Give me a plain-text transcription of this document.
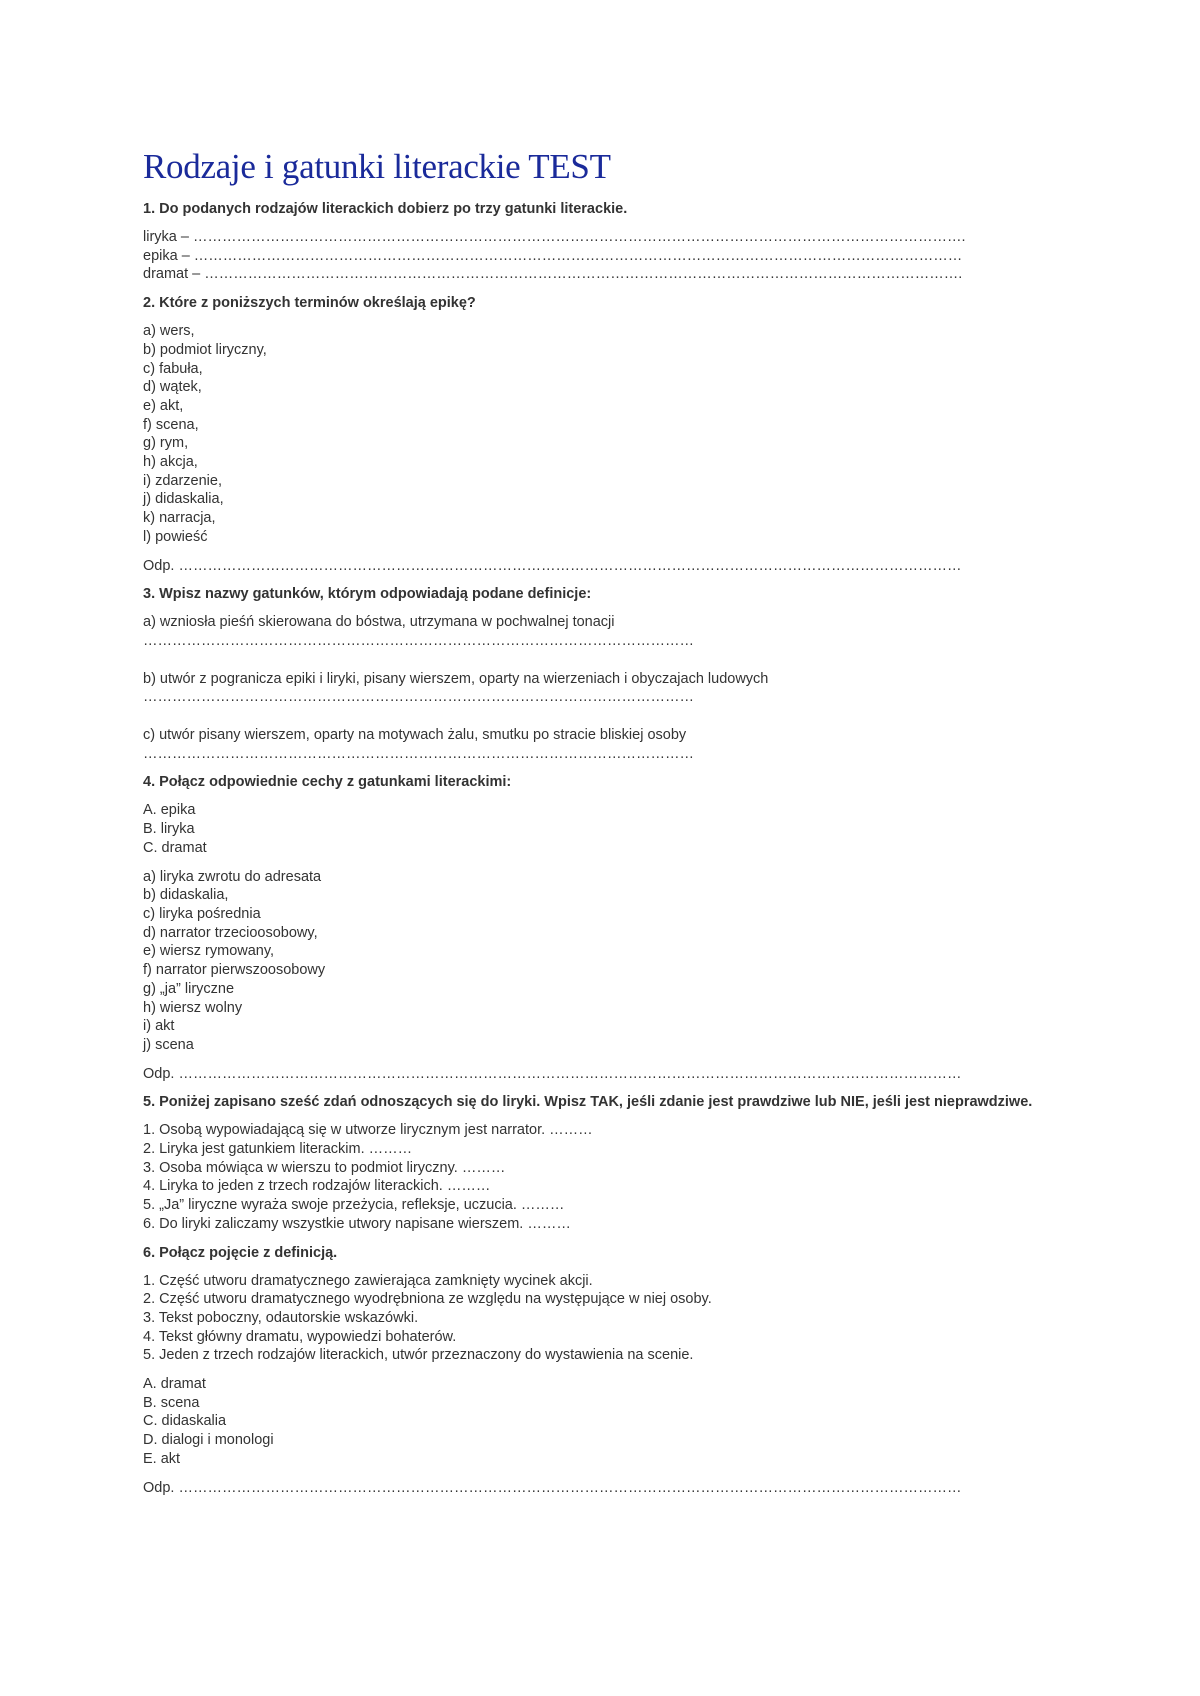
Rodzaje i gatunki literackie TEST
1. Do podanych rodzajów literackich dobierz po trzy gatunki literackie.
liryka – …………………………………………………………………………………………………………………………………………….
epika – ……………………………………………………………………………………………………………………………………………
dramat – ………………………………………………………………………………………………………………………………………….
2. Które z poniższych terminów określają epikę?
a) wers,
b) podmiot liryczny,
c) fabuła,
d) wątek,
e) akt,
f) scena,
g) rym,
h) akcja,
i) zdarzenie,
j) didaskalia,
k) narracja,
l) powieść
Odp. ………………………………………………………………………………………………………………………………………………
3. Wpisz nazwy gatunków, którym odpowiadają podane definicje:
a) wzniosła pieśń skierowana do bóstwa, utrzymana w pochwalnej tonacji
……………………………………………………………………………………………………
b) utwór z pogranicza epiki i liryki, pisany wierszem, oparty na wierzeniach i obyczajach ludowych
……………………………………………………………………………………………………
c) utwór pisany wierszem, oparty na motywach żalu, smutku po stracie bliskiej osoby
……………………………………………………………………………………………………
4. Połącz odpowiednie cechy z gatunkami literackimi:
A. epika
B. liryka
C. dramat
a) liryka zwrotu do adresata
b) didaskalia,
c) liryka pośrednia
d) narrator trzecioosobowy,
e) wiersz rymowany,
f) narrator pierwszoosobowy
g) „ja” liryczne
h) wiersz wolny
i) akt
j) scena
Odp. ………………………………………………………………………………………………………………………………………………
5. Poniżej zapisano sześć zdań odnoszących się do liryki. Wpisz TAK, jeśli zdanie jest prawdziwe lub NIE, jeśli jest nieprawdziwe.
1. Osobą wypowiadającą się w utworze lirycznym jest narrator. ………
2. Liryka jest gatunkiem literackim. ………
3. Osoba mówiąca w wierszu to podmiot liryczny. ………
4. Liryka to jeden z trzech rodzajów literackich. ………
5. „Ja” liryczne wyraża swoje przeżycia, refleksje, uczucia. ………
6. Do liryki zaliczamy wszystkie utwory napisane wierszem. ………
6. Połącz pojęcie z definicją.
1. Część utworu dramatycznego zawierająca zamknięty wycinek akcji.
2. Część utworu dramatycznego wyodrębniona ze względu na występujące w niej osoby.
3. Tekst poboczny, odautorskie wskazówki.
4. Tekst główny dramatu, wypowiedzi bohaterów.
5. Jeden z trzech rodzajów literackich, utwór przeznaczony do wystawienia na scenie.
A. dramat
B. scena
C. didaskalia
D. dialogi i monologi
E. akt
Odp. ………………………………………………………………………………………………………………………………………………
